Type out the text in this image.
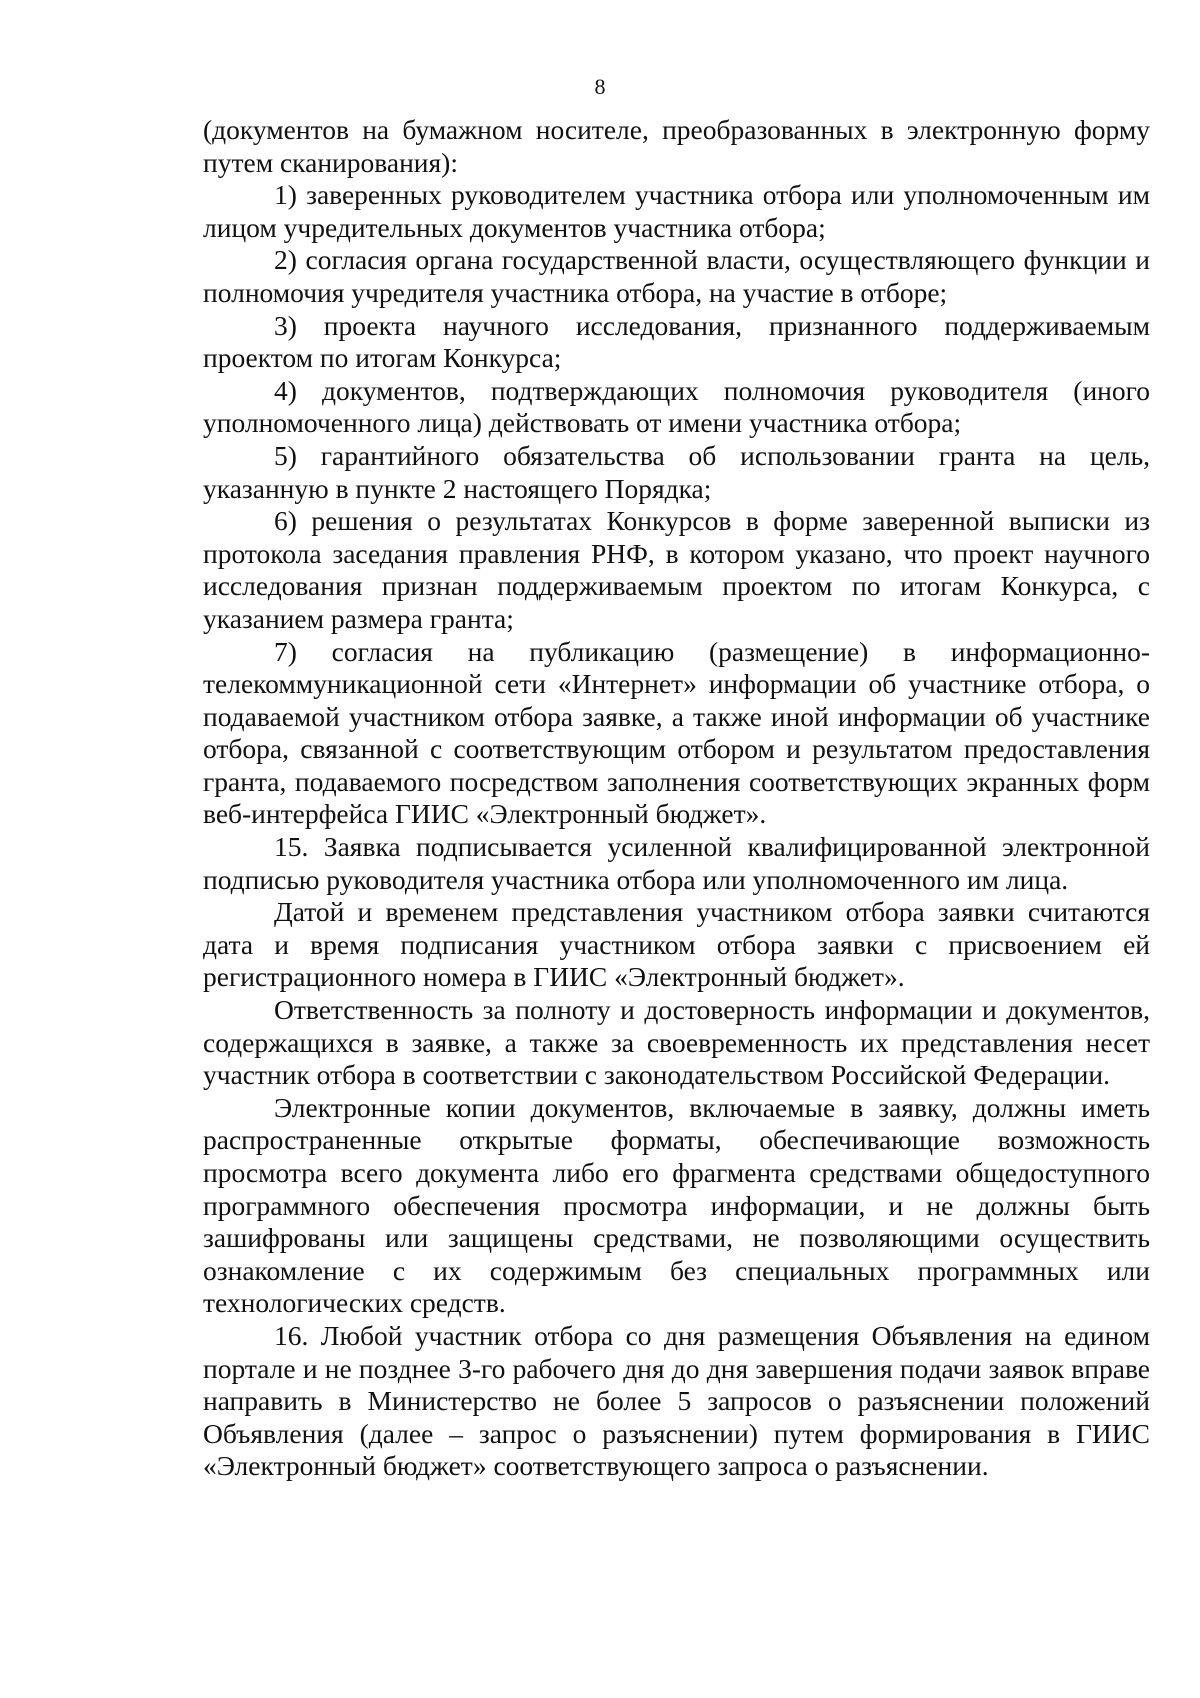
8

(документов на бумажном носителе, преобразованных в электронную форму путем сканирования):

1) заверенных руководителем участника отбора или уполномоченным им лицом учредительных документов участника отбора;

2) согласия органа государственной власти, осуществляющего функции и полномочия учредителя участника отбора, на участие в отборе;

3) проекта научного исследования, признанного поддерживаемым проектом по итогам Конкурса;

4) документов, подтверждающих полномочия руководителя (иного уполномоченного лица) действовать от имени участника отбора;

5) гарантийного обязательства об использовании гранта на цель, указанную в пункте 2 настоящего Порядка;

6) решения о результатах Конкурсов в форме заверенной выписки из протокола заседания правления РНФ, в котором указано, что проект научного исследования признан поддерживаемым проектом по итогам Конкурса, с указанием размера гранта;

7) согласия на публикацию (размещение) в информационно-телекоммуникационной сети «Интернет» информации об участнике отбора, о подаваемой участником отбора заявке, а также иной информации об участнике отбора, связанной с соответствующим отбором и результатом предоставления гранта, подаваемого посредством заполнения соответствующих экранных форм веб-интерфейса ГИИС «Электронный бюджет».

15. Заявка подписывается усиленной квалифицированной электронной подписью руководителя участника отбора или уполномоченного им лица.

Датой и временем представления участником отбора заявки считаются дата и время подписания участником отбора заявки с присвоением ей регистрационного номера в ГИИС «Электронный бюджет».

Ответственность за полноту и достоверность информации и документов, содержащихся в заявке, а также за своевременность их представления несет участник отбора в соответствии с законодательством Российской Федерации.

Электронные копии документов, включаемые в заявку, должны иметь распространенные открытые форматы, обеспечивающие возможность просмотра всего документа либо его фрагмента средствами общедоступного программного обеспечения просмотра информации, и не должны быть зашифрованы или защищены средствами, не позволяющими осуществить ознакомление с их содержимым без специальных программных или технологических средств.

16. Любой участник отбора со дня размещения Объявления на едином портале и не позднее 3-го рабочего дня до дня завершения подачи заявок вправе направить в Министерство не более 5 запросов о разъяснении положений Объявления (далее – запрос о разъяснении) путем формирования в ГИИС «Электронный бюджет» соответствующего запроса о разъяснении.
